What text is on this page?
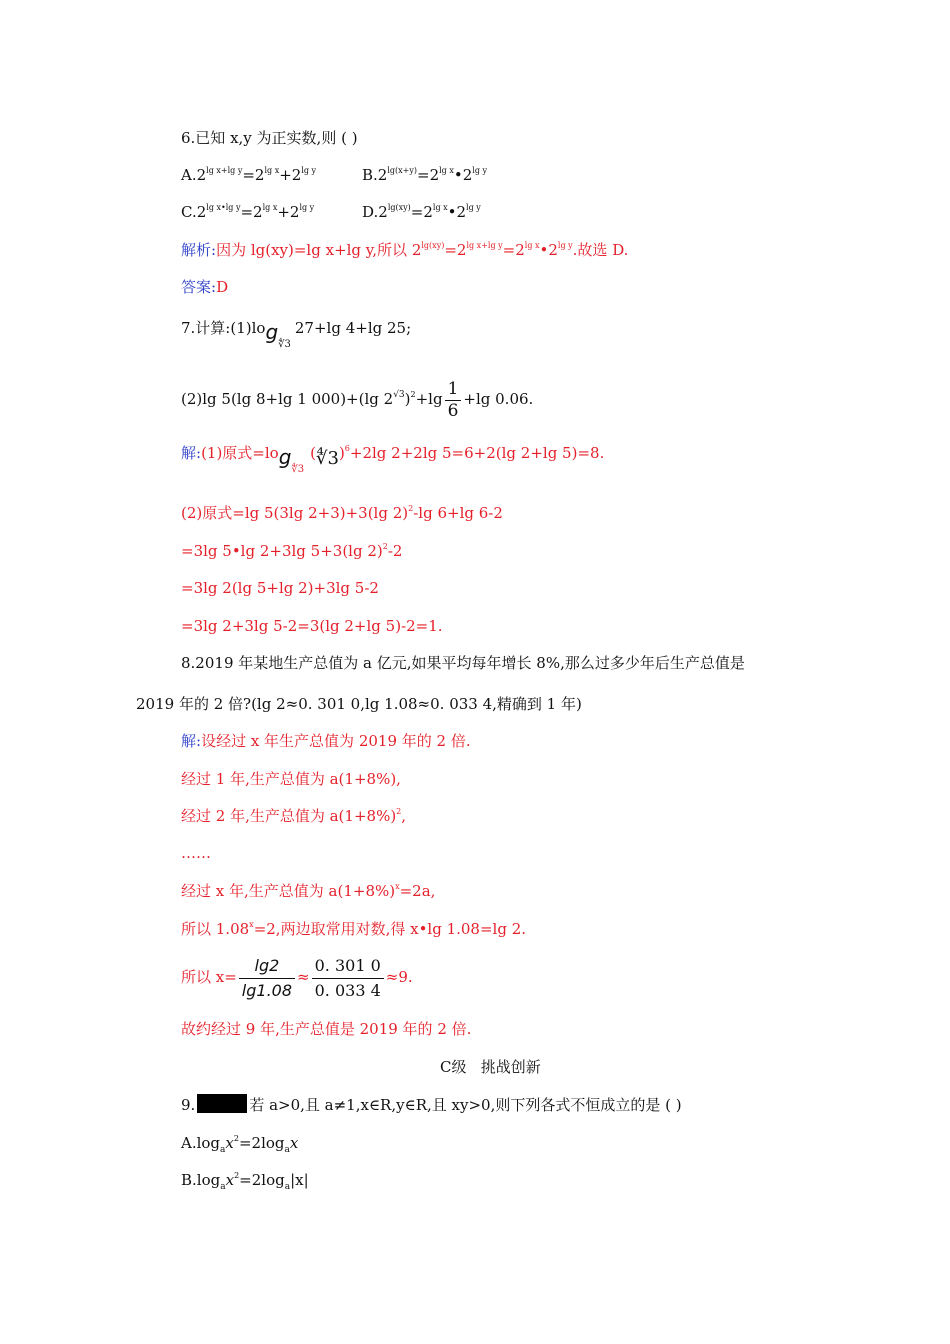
6.已知 x,y 为正实数,则 ( )
$A.2^{lg x+lg y}=2^{lg x}+2^{lg y}$	$B.2^{lg(x+y)}=2^{lg x}•2^{lg y}$
$C.2^{lg x•lg y}=2^{lg x}+2^{lg y}$	$D.2^{lg(xy)}=2^{lg x}•2^{lg y}$
解析:因为 lg(xy)=lg x+lg y,所以 $2^{lg(xy)}=2^{lg x+lg y}=2^{lg x}•2^{lg y}$.故选 D.
答案:D
7.计算$:(1)\log_{∜3}27+\lg$ 4+lg 25;
(2)lg 5(lg 8+lg 1 000)+(lg $2^{√3})^2+\lg \frac{1}{6} +\lg$ 0.06.
解:(1)原式$=\log_{∜3}(∜3)^6+2\lg$ 2+2lg 5=6+2(lg 2+lg 5)=8.
(2)原式=lg 5(3lg 2+3)+3(lg 2)$^2$-lg 6+lg 6-2
=3lg 5•lg 2+3lg 5+3(lg 2)$^2$-2
=3lg 2(lg 5+lg 2)+3lg 5-2
=3lg 2+3lg 5-2=3(lg 2+lg 5)-2=1.
8.2019 年某地生产总值为 a 亿元,如果平均每年增长 8%,那么过多少年后生产总值是
2019 年的 2 倍?(lg 2≈0. 301 0,lg 1.08≈0. 033 4,精确到 1 年)
解:设经过 x 年生产总值为 2019 年的 2 倍.
经过 1 年,生产总值为 a(1+8%),
经过 2 年,生产总值为 $a(1+8\%)^2$,
……
经过 x 年,生产总值为 $a(1+8\%)^x=2a$,
所以 $1.08^x=2$,两边取常用对数,得 x•lg 1.08=lg 2.
所以 $x= \frac{\lg 2}{\lg 1.08} \approx \frac{0. 301 0}{0. 033 4} \approx 9$.
故约经过 9 年,生产总值是 2019 年的 2 倍.
C级   挑战创新
9.	若 a>0,且 a≠1,x∈R,y∈R,且 xy>0,则下列各式不恒成立的是 ( )
$A.\log_ax^2=2\log_ax$
$B.\log_ax^2=2\log_a|x|$
